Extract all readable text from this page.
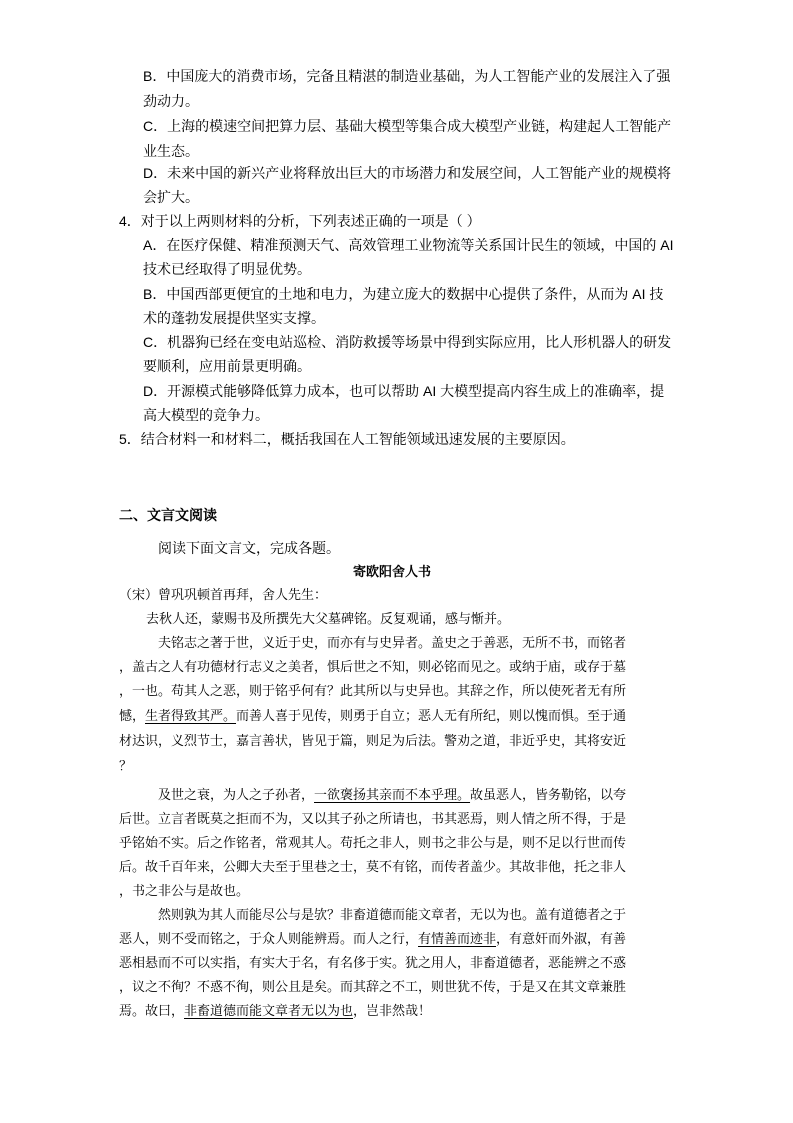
B．中国庞大的消费市场，完备且精湛的制造业基础，为人工智能产业的发展注入了强
劲动力。
C．上海的模速空间把算力层、基础大模型等集合成大模型产业链，构建起人工智能产
业生态。
D．未来中国的新兴产业将释放出巨大的市场潜力和发展空间，人工智能产业的规模将
会扩大。
4．对于以上两则材料的分析，下列表述正确的一项是（ ）
A．在医疗保健、精准预测天气、高效管理工业物流等关系国计民生的领域，中国的 AI
技术已经取得了明显优势。
B．中国西部更便宜的土地和电力，为建立庞大的数据中心提供了条件，从而为 AI 技
术的蓬勃发展提供坚实支撑。
C．机器狗已经在变电站巡检、消防救援等场景中得到实际应用，比人形机器人的研发
要顺利，应用前景更明确。
D．开源模式能够降低算力成本，也可以帮助 AI 大模型提高内容生成上的准确率，提
高大模型的竞争力。
5．结合材料一和材料二，概括我国在人工智能领域迅速发展的主要原因。
二、文言文阅读
阅读下面文言文，完成各题。
寄欧阳舍人书
（宋）曾巩巩顿首再拜，舍人先生：
去秋人还，蒙赐书及所撰先大父墓碑铭。反复观诵，感与惭并。
夫铭志之著于世，义近于史，而亦有与史异者。盖史之于善恶，无所不书，而铭者
，盖古之人有功德材行志义之美者，惧后世之不知，则必铭而见之。或纳于庙，或存于墓
，一也。苟其人之恶，则于铭乎何有？此其所以与史异也。其辞之作，所以使死者无有所
憾，生者得致其严。而善人喜于见传，则勇于自立；恶人无有所纪，则以愧而惧。至于通
材达识，义烈节士，嘉言善状，皆见于篇，则足为后法。警劝之道，非近乎史，其将安近
？
及世之衰，为人之子孙者，一欲褒扬其亲而不本乎理。故虽恶人，皆务勒铭，以夸
后世。立言者既莫之拒而不为，又以其子孙之所请也，书其恶焉，则人情之所不得，于是
乎铭始不实。后之作铭者，常观其人。苟托之非人，则书之非公与是，则不足以行世而传
后。故千百年来，公卿大夫至于里巷之士，莫不有铭，而传者盖少。其故非他，托之非人
，书之非公与是故也。
然则孰为其人而能尽公与是欤？非畜道德而能文章者，无以为也。盖有道德者之于
恶人，则不受而铭之，于众人则能辨焉。而人之行，有情善而迹非，有意奸而外淑，有善
恶相悬而不可以实指，有实大于名，有名侈于实。犹之用人，非畜道德者，恶能辨之不惑
，议之不徇？不惑不徇，则公且是矣。而其辞之不工，则世犹不传，于是又在其文章兼胜
焉。故曰，非畜道德而能文章者无以为也，岂非然哉！
